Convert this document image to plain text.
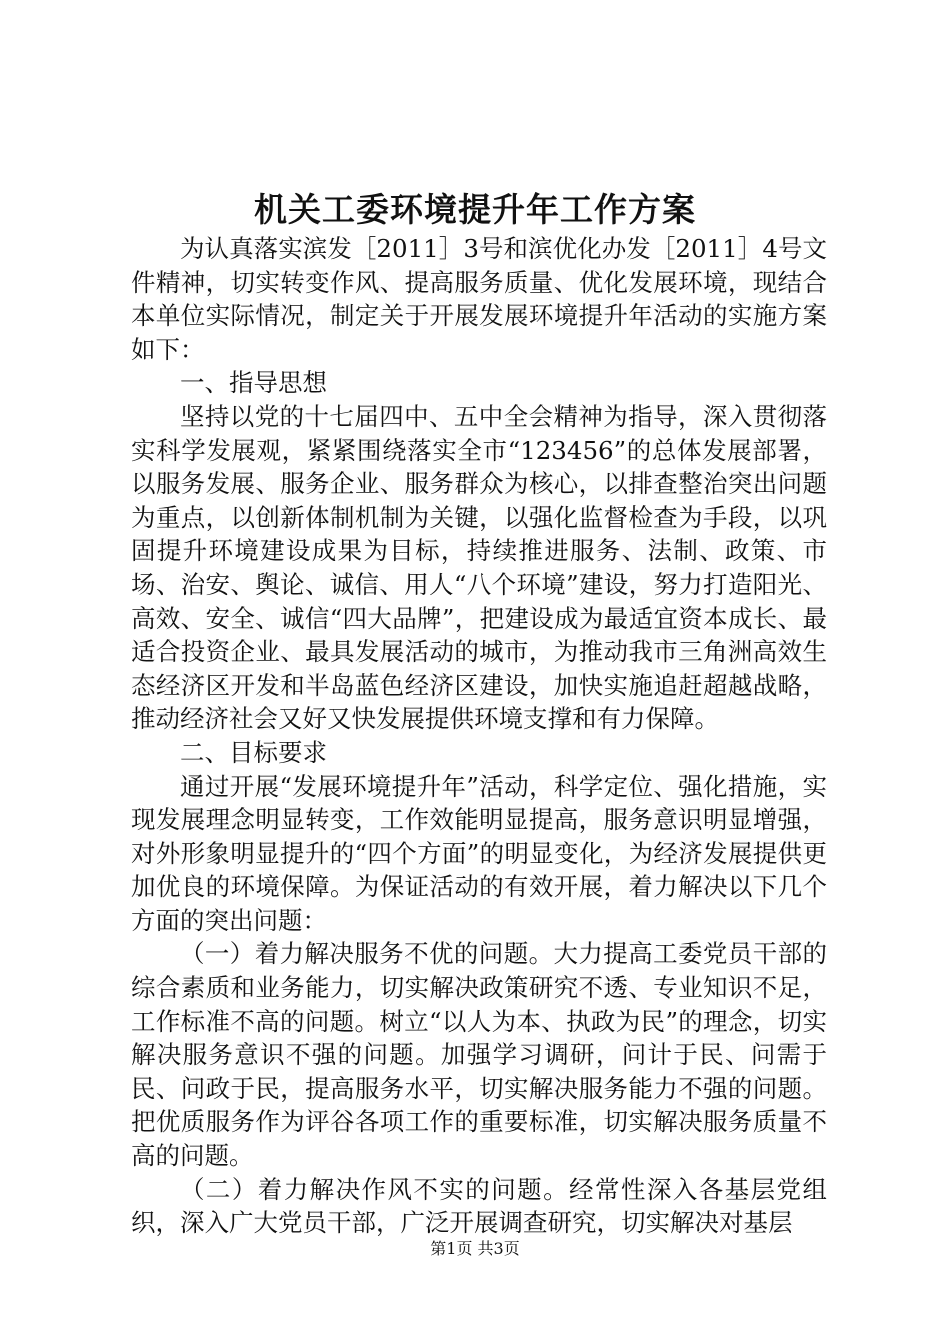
机关工委环境提升年工作方案

为认真落实滨发［2011］3号和滨优化办发［2011］4号文件精神，切实转变作风、提高服务质量、优化发展环境，现结合本单位实际情况，制定关于开展发展环境提升年活动的实施方案如下：

一、指导思想

坚持以党的十七届四中、五中全会精神为指导，深入贯彻落实科学发展观，紧紧围绕落实全市“123456”的总体发展部署，以服务发展、服务企业、服务群众为核心，以排查整治突出问题为重点，以创新体制机制为关键，以强化监督检查为手段，以巩固提升环境建设成果为目标，持续推进服务、法制、政策、市场、治安、舆论、诚信、用人“八个环境”建设，努力打造阳光、高效、安全、诚信“四大品牌”，把建设成为最适宜资本成长、最适合投资企业、最具发展活动的城市，为推动我市三角洲高效生态经济区开发和半岛蓝色经济区建设，加快实施追赶超越战略，推动经济社会又好又快发展提供环境支撑和有力保障。

二、目标要求

通过开展“发展环境提升年”活动，科学定位、强化措施，实现发展理念明显转变，工作效能明显提高，服务意识明显增强，对外形象明显提升的“四个方面”的明显变化，为经济发展提供更加优良的环境保障。为保证活动的有效开展，着力解决以下几个方面的突出问题：

（一）着力解决服务不优的问题。大力提高工委党员干部的综合素质和业务能力，切实解决政策研究不透、专业知识不足，工作标准不高的问题。树立“以人为本、执政为民”的理念，切实解决服务意识不强的问题。加强学习调研，问计于民、问需于民、问政于民，提高服务水平，切实解决服务能力不强的问题。把优质服务作为评谷各项工作的重要标准，切实解决服务质量不高的问题。

（二）着力解决作风不实的问题。经常性深入各基层党组织，深入广大党员干部，广泛开展调查研究，切实解决对基层

第1页 共3页
